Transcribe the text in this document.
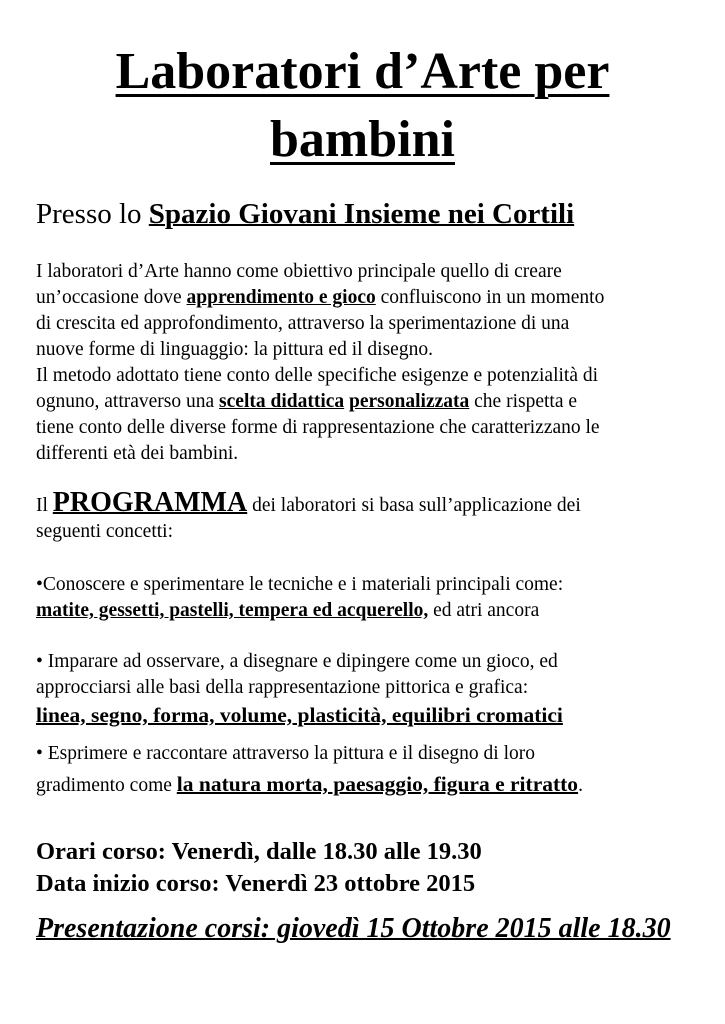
Laboratori d’Arte per
bambini
Presso lo Spazio Giovani Insieme nei Cortili
I laboratori d’Arte hanno come obiettivo principale quello di creare
un’occasione dove apprendimento e gioco confluiscono in un momento
di crescita ed approfondimento, attraverso la sperimentazione di una
nuove forme di linguaggio: la pittura ed il disegno.
Il metodo adottato tiene conto delle specifiche esigenze e potenzialità di
ognuno, attraverso una scelta didattica personalizzata che rispetta e
tiene conto delle diverse forme di rappresentazione che caratterizzano le
differenti età dei bambini.
Il PROGRAMMA dei laboratori si basa sull’applicazione dei
seguenti concetti:
•Conoscere e sperimentare le tecniche e i materiali principali come:
matite, gessetti, pastelli, tempera ed acquerello, ed atri ancora
• Imparare ad osservare, a disegnare e dipingere come un gioco, ed
approcciarsi alle basi della rappresentazione pittorica e grafica:
linea, segno, forma, volume, plasticità, equilibri cromatici
• Esprimere e raccontare attraverso la pittura e il disegno di loro
gradimento come la natura morta, paesaggio, figura e ritratto.
Orari corso: Venerdì, dalle 18.30 alle 19.30
Data inizio corso: Venerdì 23 ottobre 2015

Presentazione corsi: giovedì 15 Ottobre 2015 alle 18.30
